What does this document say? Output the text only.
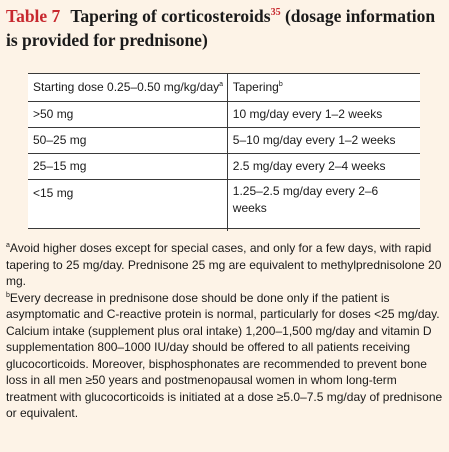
Table 7 Tapering of corticosteroids$^{35}$ (dosage information is provided for prednisone)
Starting dose 0.25–0.50 mg/kg/day$^a$	Tapering$^b$
>50 mg	10 mg/day every 1–2 weeks
50–25 mg	5–10 mg/day every 1–2 weeks
25–15 mg	2.5 mg/day every 2–4 weeks
<15 mg	1.25–2.5 mg/day every 2–6 weeks

$^a$Avoid higher doses except for special cases, and only for a few days, with rapid tapering to 25 mg/day. Prednisone 25 mg are equivalent to methylprednisolone 20 mg.

$^b$Every decrease in prednisone dose should be done only if the patient is asymptomatic and C-reactive protein is normal, particularly for doses <25 mg/day. Calcium intake (supplement plus oral intake) 1,200–1,500 mg/day and vitamin D supplementation 800–1000 IU/day should be offered to all patients receiving glucocorticoids. Moreover, bisphosphonates are recommended to prevent bone loss in all men ≥50 years and postmenopausal women in whom long-term treatment with glucocorticoids is initiated at a dose ≥5.0–7.5 mg/day of prednisone or equivalent.
